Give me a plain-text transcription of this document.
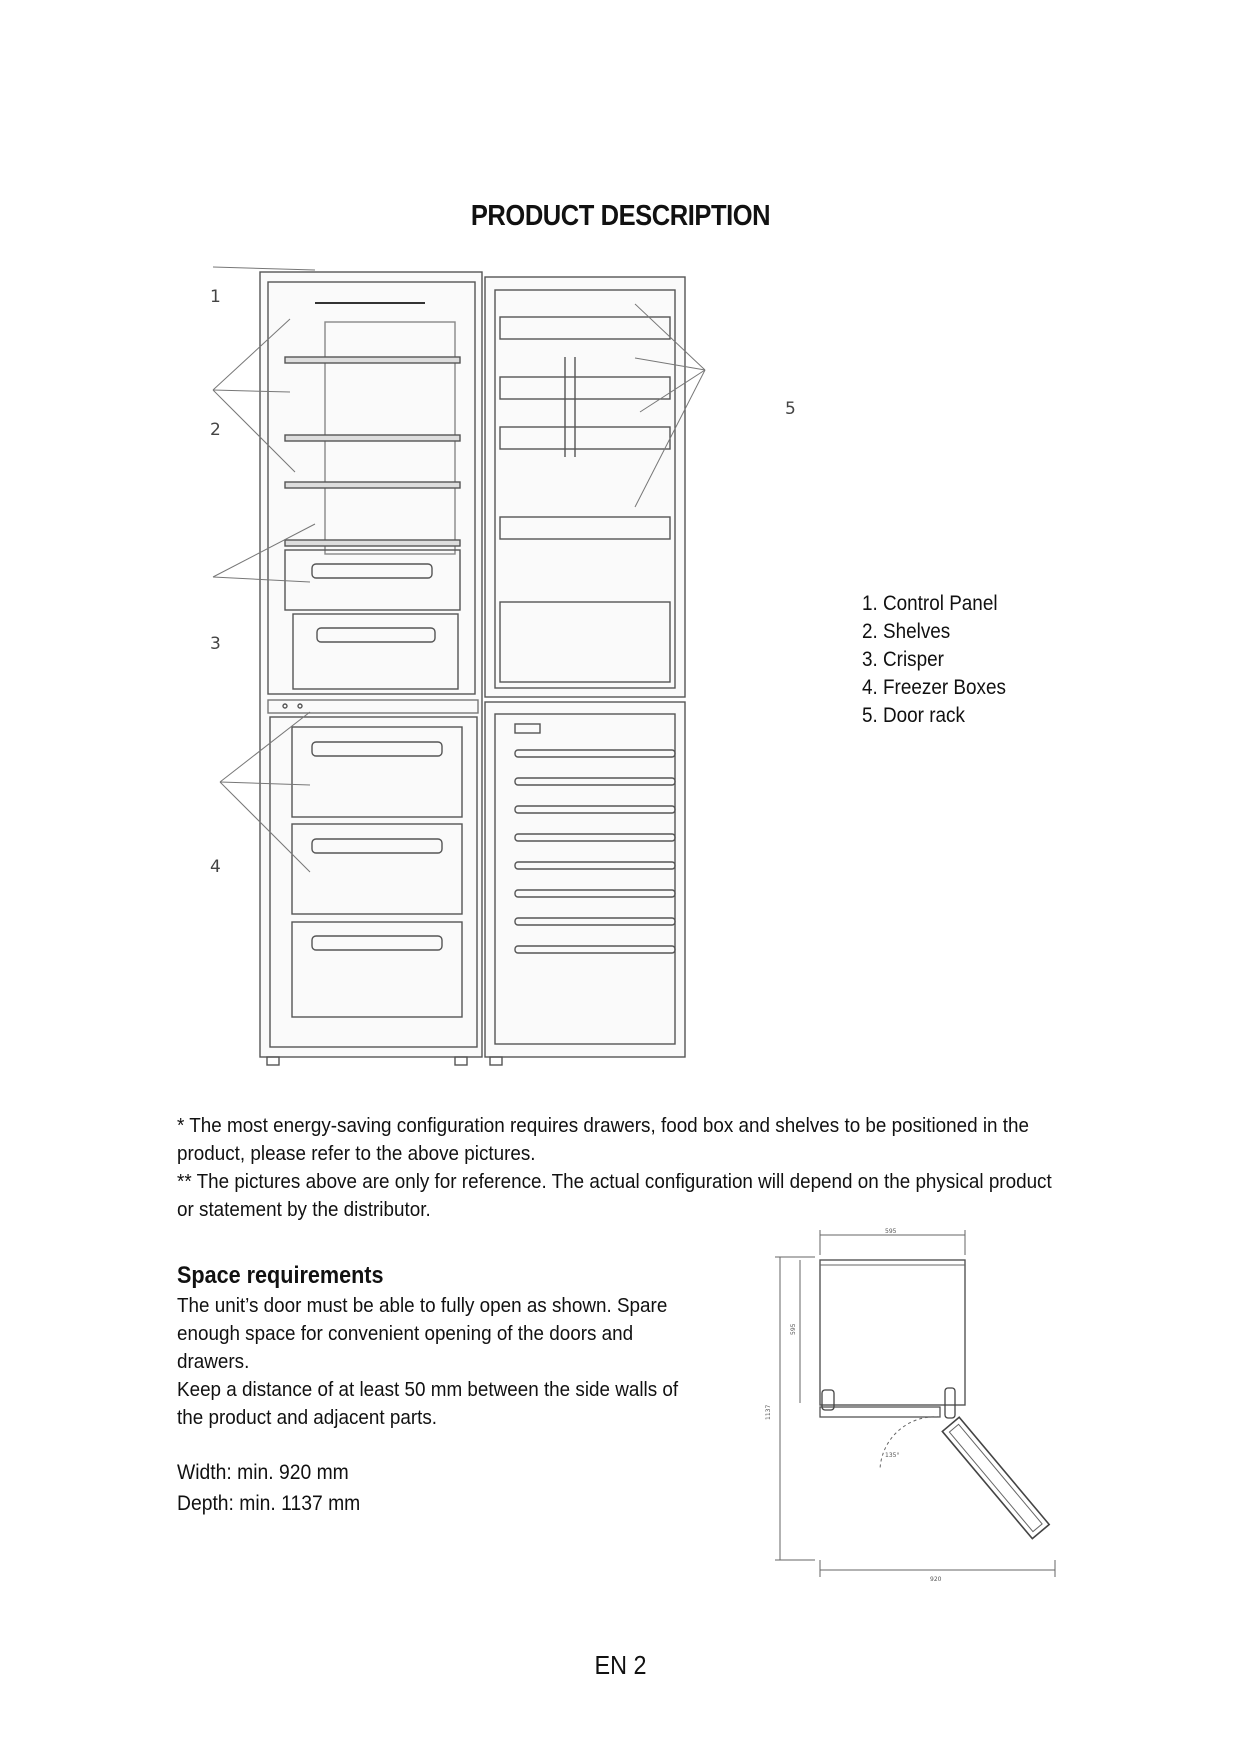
PRODUCT DESCRIPTION
1
2
3
4
5
1. Control Panel
2. Shelves
3. Crisper
4. Freezer Boxes
5. Door rack

* The most energy-saving configuration requires drawers, food box and shelves to be positioned in the product, please refer to the above pictures.

** The pictures above are only for reference. The actual configuration will depend on the physical product or statement by the distributor.

Space requirements

The unit’s door must be able to fully open as shown. Spare enough space for convenient opening of the doors and drawers.

Keep a distance of at least 50 mm between the side walls of the product and adjacent parts.

Width: min. 920 mm
Depth: min. 1137 mm
595
1137
595
135°
920
EN 2
